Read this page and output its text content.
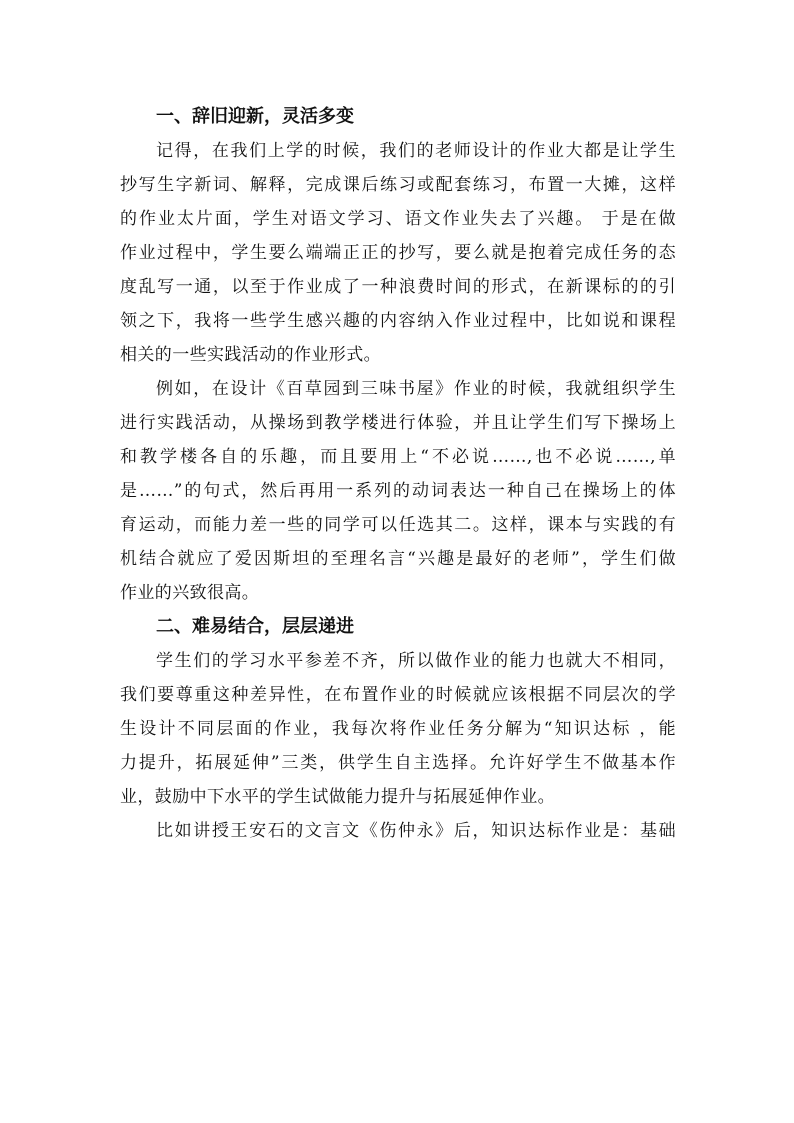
一、辞旧迎新，灵活多变

记得，在我们上学的时候，我们的老师设计的作业大都是让学生
抄写生字新词、解释，完成课后练习或配套练习，布置一大摊，这样
的作业太片面，学生对语文学习、语文作业失去了兴趣。 于是在做
作业过程中，学生要么端端正正的抄写，要么就是抱着完成任务的态
度乱写一通，以至于作业成了一种浪费时间的形式，在新课标的的引
领之下，我将一些学生感兴趣的内容纳入作业过程中，比如说和课程
相关的一些实践活动的作业形式。

例如，在设计《百草园到三味书屋》作业的时候，我就组织学生
进行实践活动，从操场到教学楼进行体验，并且让学生们写下操场上
和教学楼各自的乐趣，而且要用上“不必说……,也不必说……,单
是……”的句式，然后再用一系列的动词表达一种自己在操场上的体
育运动，而能力差一些的同学可以任选其二。这样，课本与实践的有
机结合就应了爱因斯坦的至理名言“兴趣是最好的老师”，学生们做
作业的兴致很高。

二、难易结合，层层递进

学生们的学习水平参差不齐，所以做作业的能力也就大不相同，
我们要尊重这种差异性，在布置作业的时候就应该根据不同层次的学
生设计不同层面的作业，我每次将作业任务分解为“知识达标 ，能
力提升，拓展延伸”三类，供学生自主选择。允许好学生不做基本作
业，鼓励中下水平的学生试做能力提升与拓展延伸作业。

比如讲授王安石的文言文《伤仲永》后，知识达标作业是：基础
